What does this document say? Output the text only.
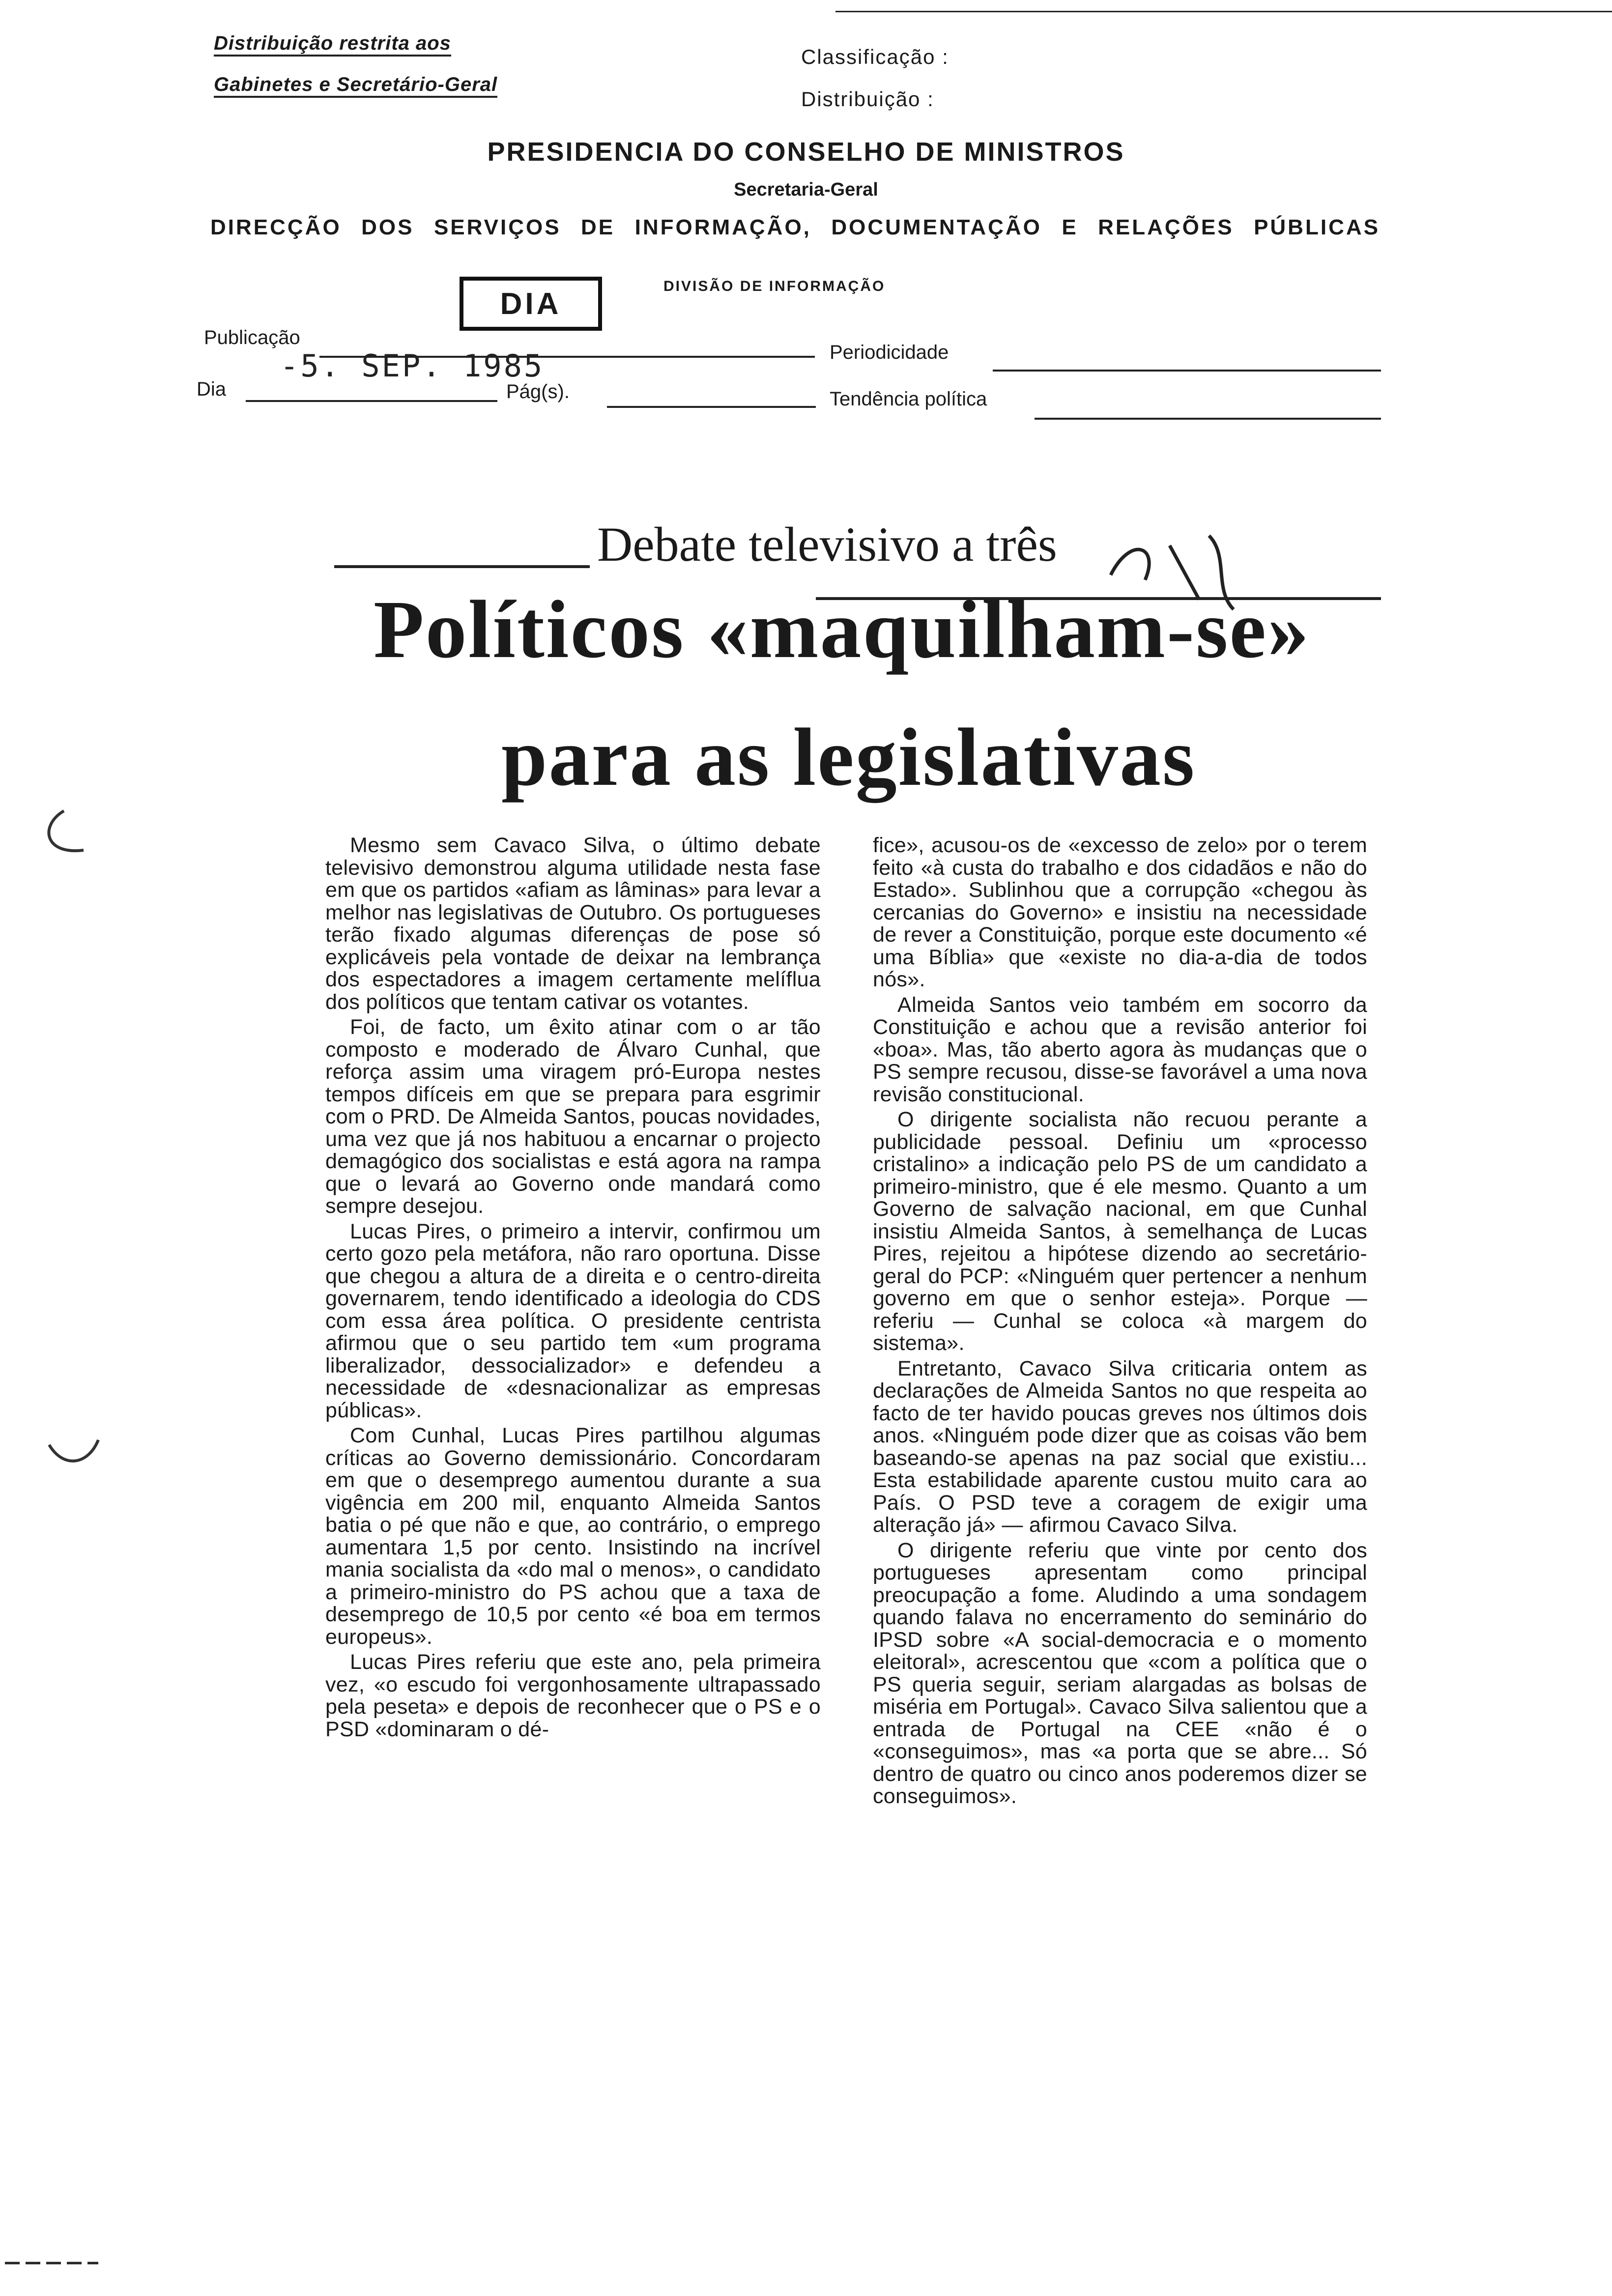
Distribuição restrita aos
Gabinetes e Secretário-Geral
Classificação :
Distribuição :
PRESIDENCIA DO CONSELHO DE MINISTROS
Secretaria-Geral
DIRECÇÃO DOS SERVIÇOS DE INFORMAÇÃO, DOCUMENTAÇÃO E RELAÇÕES PÚBLICAS
DIA
DIVISÃO DE INFORMAÇÃO
Publicação
-5. SEP. 1985
Dia	Pág(s).
Periodicidade
Tendência política
Debate televisivo a três
Políticos «maquilham-se»
para as legislativas

Mesmo sem Cavaco Silva, o último debate televisivo demonstrou alguma utilidade nesta fase em que os partidos «afiam as lâminas» para levar a melhor nas legislativas de Outubro. Os portugueses terão fixado algumas diferenças de pose só explicáveis pela vontade de deixar na lembrança dos espectadores a imagem certamente melíflua dos políticos que tentam cativar os votantes.

Foi, de facto, um êxito atinar com o ar tão composto e moderado de Álvaro Cunhal, que reforça assim uma viragem pró-Europa nestes tempos difíceis em que se prepara para esgrimir com o PRD. De Almeida Santos, poucas novidades, uma vez que já nos habituou a encarnar o projecto demagógico dos socialistas e está agora na rampa que o levará ao Governo onde mandará como sempre desejou.

Lucas Pires, o primeiro a intervir, confirmou um certo gozo pela metáfora, não raro oportuna. Disse que chegou a altura de a direita e o centro-direita governarem, tendo identificado a ideologia do CDS com essa área política. O presidente centrista afirmou que o seu partido tem «um programa liberalizador, dessocializador» e defendeu a necessidade de «desnacionalizar as empresas públicas».

Com Cunhal, Lucas Pires partilhou algumas críticas ao Governo demissionário. Concordaram em que o desemprego aumentou durante a sua vigência em 200 mil, enquanto Almeida Santos batia o pé que não e que, ao contrário, o emprego aumentara 1,5 por cento. Insistindo na incrível mania socialista da «do mal o menos», o candidato a primeiro-ministro do PS achou que a taxa de desemprego de 10,5 por cento «é boa em termos europeus».

Lucas Pires referiu que este ano, pela primeira vez, «o escudo foi vergonhosamente ultrapassado pela peseta» e depois de reconhecer que o PS e o PSD «dominaram o dé-

fice», acusou-os de «excesso de zelo» por o terem feito «à custa do trabalho e dos cidadãos e não do Estado». Sublinhou que a corrupção «chegou às cercanias do Governo» e insistiu na necessidade de rever a Constituição, porque este documento «é uma Bíblia» que «existe no dia-a-dia de todos nós».

Almeida Santos veio também em socorro da Constituição e achou que a revisão anterior foi «boa». Mas, tão aberto agora às mudanças que o PS sempre recusou, disse-se favorável a uma nova revisão constitucional.

O dirigente socialista não recuou perante a publicidade pessoal. Definiu um «processo cristalino» a indicação pelo PS de um candidato a primeiro-ministro, que é ele mesmo. Quanto a um Governo de salvação nacional, em que Cunhal insistiu Almeida Santos, à semelhança de Lucas Pires, rejeitou a hipótese dizendo ao secretário-geral do PCP: «Ninguém quer pertencer a nenhum governo em que o senhor esteja». Porque — referiu — Cunhal se coloca «à margem do sistema».

Entretanto, Cavaco Silva criticaria ontem as declarações de Almeida Santos no que respeita ao facto de ter havido poucas greves nos últimos dois anos. «Ninguém pode dizer que as coisas vão bem baseando-se apenas na paz social que existiu... Esta estabilidade aparente custou muito cara ao País. O PSD teve a coragem de exigir uma alteração já» — afirmou Cavaco Silva.

O dirigente referiu que vinte por cento dos portugueses apresentam como principal preocupação a fome. Aludindo a uma sondagem quando falava no encerramento do seminário do IPSD sobre «A social-democracia e o momento eleitoral», acrescentou que «com a política que o PS queria seguir, seriam alargadas as bolsas de miséria em Portugal». Cavaco Silva salientou que a entrada de Portugal na CEE «não é o «conseguimos», mas «a porta que se abre... Só dentro de quatro ou cinco anos poderemos dizer se conseguimos».
